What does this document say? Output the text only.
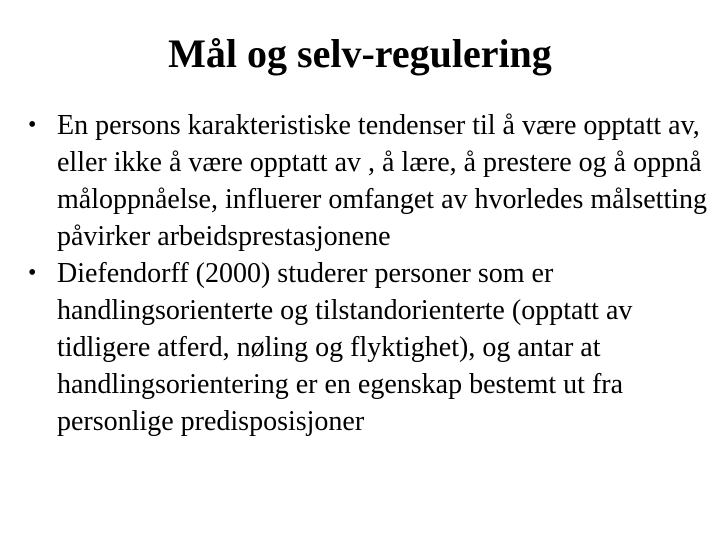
Mål og selv-regulering
• En persons karakteristiske tendenser til å være opptatt av, eller ikke å være opptatt av , å lære, å prestere og å oppnå måloppnåelse, influerer omfanget av hvorledes målsetting påvirker arbeidsprestasjonene
• Diefendorff (2000) studerer personer som er handlingsorienterte og tilstandorienterte (opptatt av tidligere atferd, nøling og flyktighet), og antar at handlingsorientering er en egenskap bestemt ut fra personlige predisposisjoner
